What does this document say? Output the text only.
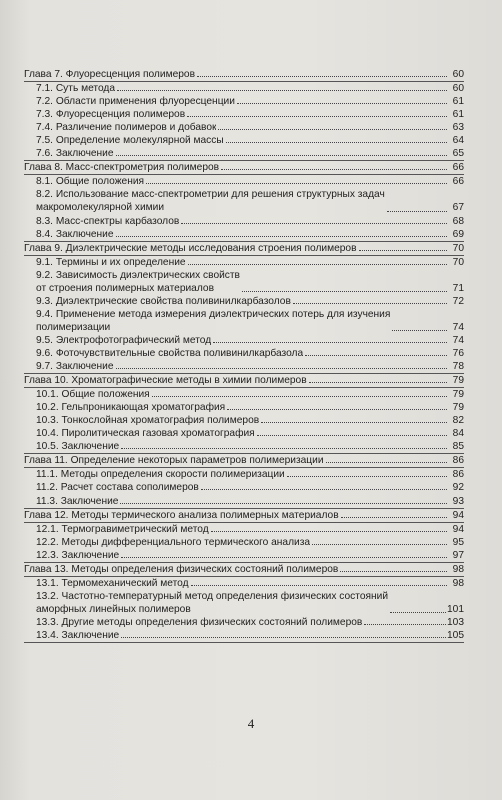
Глава 7. Флуоресценция полимеров	60
7.1. Суть метода	60
7.2. Области применения флуоресценции	61
7.3. Флуоресценция полимеров	61
7.4. Различение полимеров и добавок	63
7.5. Определение молекулярной массы	64
7.6. Заключение	65
Глава 8. Масс-спектрометрия полимеров	66
8.1. Общие положения	66
8.2. Использование масс-спектрометрии для решения структурных задач
макромолекулярной химии	67
8.3. Масс-спектры карбазолов	68
8.4. Заключение	69
Глава 9. Диэлектрические методы исследования строения полимеров	70
9.1. Термины и их определение	70
9.2. Зависимость диэлектрических свойств
от строения полимерных материалов	71
9.3. Диэлектрические свойства поливинилкарбазолов	72
9.4. Применение метода измерения диэлектрических потерь для изучения
полимеризации	74
9.5. Электрофотографический метод	74
9.6. Фоточувствительные свойства поливинилкарбазола	76
9.7. Заключение	78
Глава 10. Хроматографические методы в химии полимеров	79
10.1. Общие положения	79
10.2. Гельпроникающая хроматография	79
10.3. Тонкослойная хроматография полимеров	82
10.4. Пиролитическая газовая хроматография	84
10.5. Заключение	85
Глава 11. Определение некоторых параметров полимеризации	86
11.1. Методы определения скорости полимеризации	86
11.2. Расчет состава сополимеров	92
11.3. Заключение	93
Глава 12. Методы термического анализа полимерных материалов	94
12.1. Термогравиметрический метод	94
12.2. Методы дифференциального термического анализа	95
12.3. Заключение	97
Глава 13. Методы определения физических состояний полимеров	98
13.1. Термомеханический метод	98
13.2. Частотно-температурный метод определения физических состояний
аморфных линейных полимеров	101
13.3. Другие методы определения физических состояний полимеров	103
13.4. Заключение	105
4
